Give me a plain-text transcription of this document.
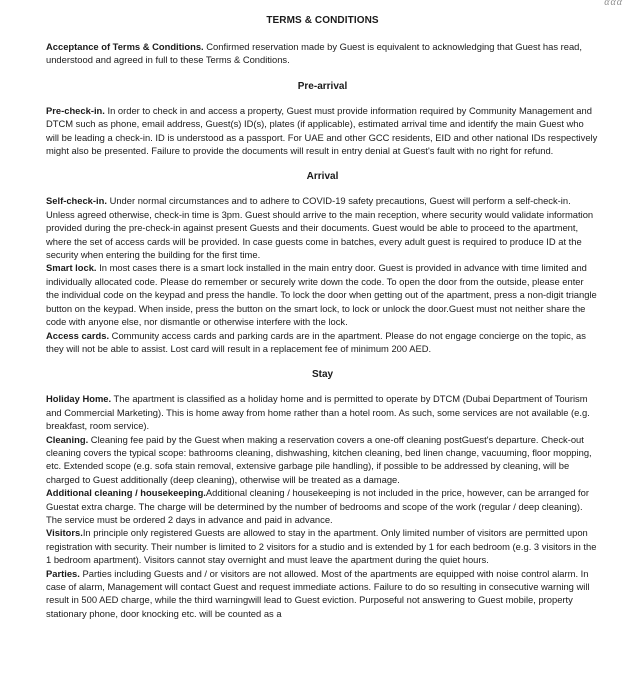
ααα
TERMS & CONDITIONS

Acceptance of Terms & Conditions. Confirmed reservation made by Guest is equivalent to acknowledging that Guest has read, understood and agreed in full to these Terms & Conditions.

Pre-arrival

Pre-check-in. In order to check in and access a property, Guest must provide information required by Community Management and DTCM such as phone, email address, Guest(s) ID(s), plates (if applicable), estimated arrival time and identify the main Guest who will be leading a check-in. ID is understood as a passport. For UAE and other GCC residents, EID and other national IDs respectively might also be presented. Failure to provide the documents will result in entry denial at Guest's fault with no right for refund.

Arrival

Self-check-in. Under normal circumstances and to adhere to COVID-19 safety precautions, Guest will perform a self-check-in. Unless agreed otherwise, check-in time is 3pm. Guest should arrive to the main reception, where security would validate information provided during the pre-check-in against present Guests and their documents. Guest would be able to proceed to the apartment, where the set of access cards will be provided. In case guests come in batches, every adult guest is required to produce ID at the security when entering the building for the first time.

Smart lock. In most cases there is a smart lock installed in the main entry door. Guest is provided in advance with time limited and individually allocated code. Please do remember or securely write down the code. To open the door from the outside, please enter the individual code on the keypad and press the handle. To lock the door when getting out of the apartment, press a non-digit triangle button on the keypad. When inside, press the button on the smart lock, to lock or unlock the door.Guest must not neither share the code with anyone else, nor dismantle or otherwise interfere with the lock.

Access cards. Community access cards and parking cards are in the apartment. Please do not engage concierge on the topic, as they will not be able to assist. Lost card will result in a replacement fee of minimum 200 AED.

Stay

Holiday Home. The apartment is classified as a holiday home and is permitted to operate by DTCM (Dubai Department of Tourism and Commercial Marketing). This is home away from home rather than a hotel room. As such, some services are not available (e.g. breakfast, room service).

Cleaning. Cleaning fee paid by the Guest when making a reservation covers a one-off cleaning postGuest's departure. Check-out cleaning covers the typical scope: bathrooms cleaning, dishwashing, kitchen cleaning, bed linen change, vacuuming, floor mopping, etc. Extended scope (e.g. sofa stain removal, extensive garbage pile handling), if possible to be addressed by cleaning, will be charged to Guest additionally (deep cleaning), otherwise will be treated as a damage.

Additional cleaning / housekeeping.Additional cleaning / housekeeping is not included in the price, however, can be arranged for Guestat extra charge. The charge will be determined by the number of bedrooms and scope of the work (regular / deep cleaning). The service must be ordered 2 days in advance and paid in advance.

Visitors.In principle only registered Guests are allowed to stay in the apartment. Only limited number of visitors are permitted upon registration with security. Their number is limited to 2 visitors for a studio and is extended by 1 for each bedroom (e.g. 3 visitors in the 1 bedroom apartment). Visitors cannot stay overnight and must leave the apartment during the quiet hours.

Parties. Parties including Guests and / or visitors are not allowed. Most of the apartments are equipped with noise control alarm. In case of alarm, Management will contact Guest and request immediate actions. Failure to do so resulting in consecutive warning will result in 500 AED charge, while the third warningwill lead to Guest eviction. Purposeful not answering to Guest mobile, property stationary phone, door knocking etc. will be counted as a
